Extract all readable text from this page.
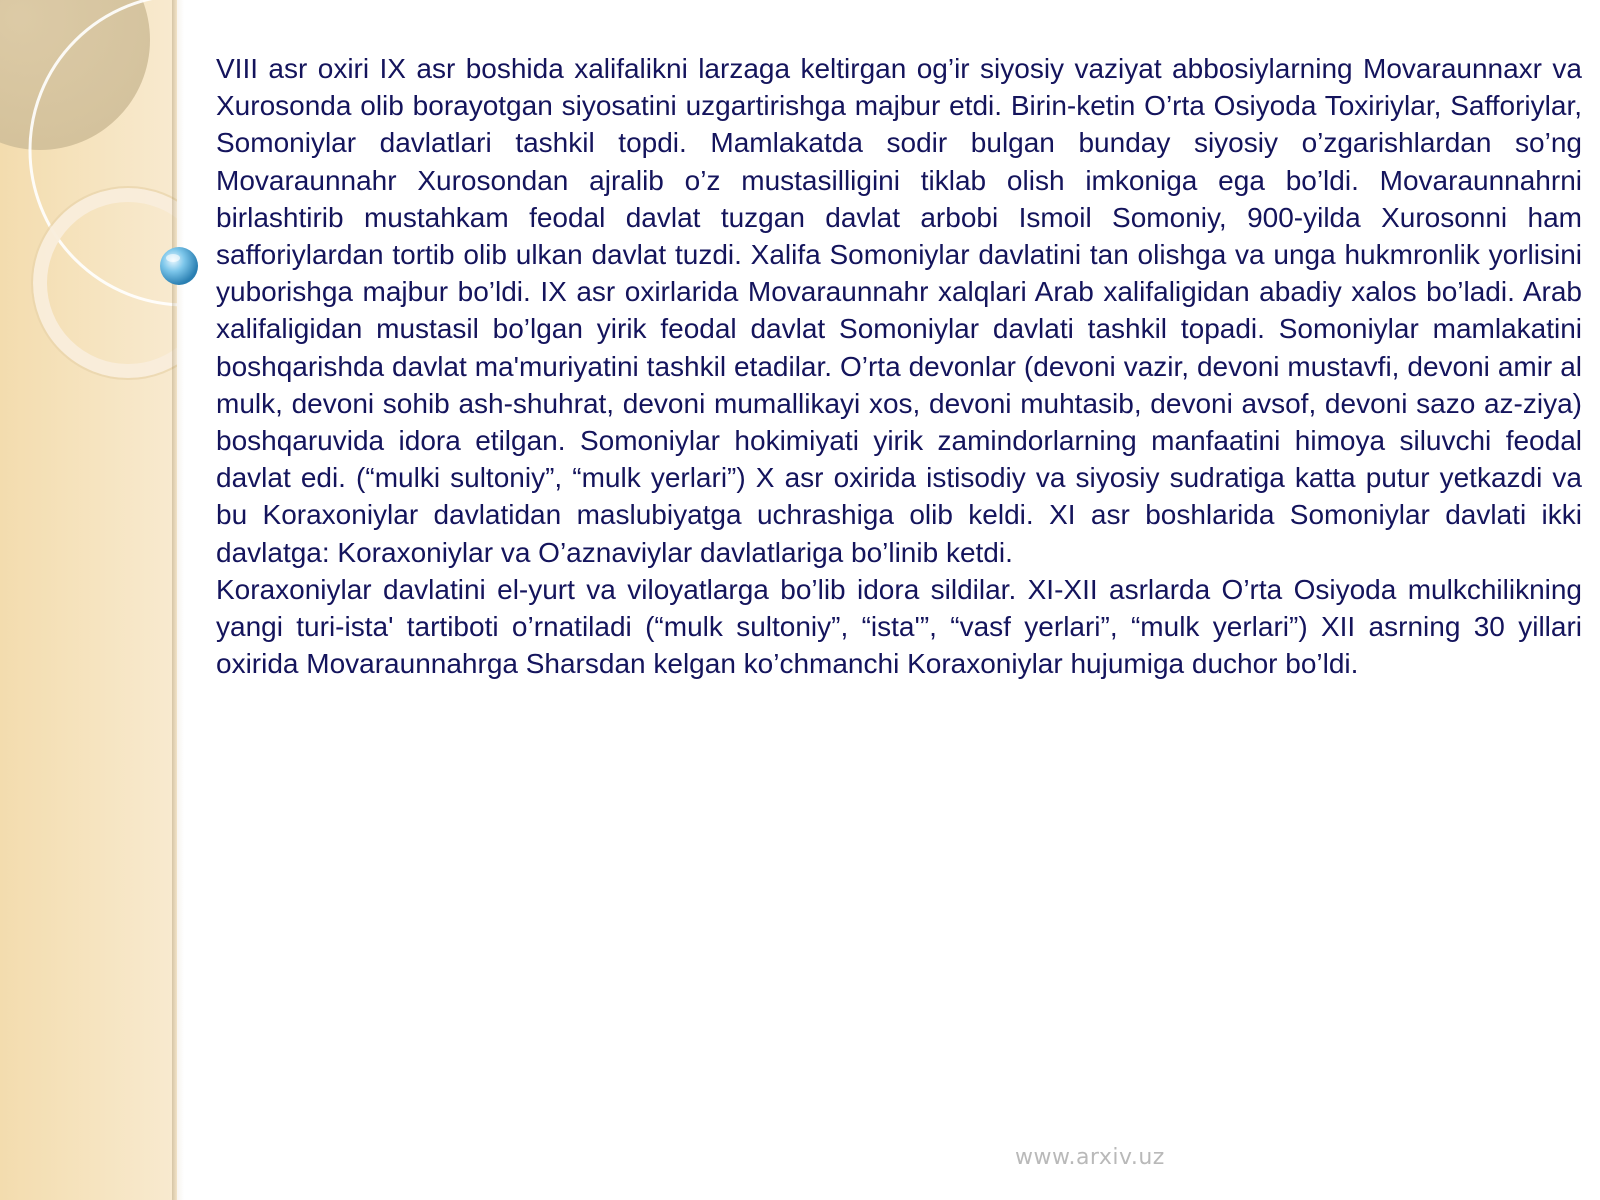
VIII asr oxiri IX asr boshida xalifalikni larzaga keltirgan og’ir siyosiy vaziyat abbosiylarning Movaraunnaxr va Xurosonda olib borayotgan siyosatini uzgartirishga majbur etdi. Birin-ketin O’rta Osiyoda Toxiriylar, Safforiylar, Somoniylar davlatlari tashkil topdi. Mamlakatda sodir bulgan bunday siyosiy o’zgarishlardan so’ng Movaraunnahr Xurosondan ajralib o’z mustasilligini tiklab olish imkoniga ega bo’ldi. Movaraunnahrni birlashtirib mustahkam feodal davlat tuzgan davlat arbobi Ismoil Somoniy, 900-yilda Xurosonni ham safforiylardan tortib olib ulkan davlat tuzdi. Xalifa Somoniylar davlatini tan olishga va unga hukmronlik yorlisini yuborishga majbur bo’ldi. IX asr oxirlarida Movaraunnahr xalqlari Arab xalifaligidan abadiy xalos bo’ladi. Arab xalifaligidan mustasil bo’lgan yirik feodal davlat Somoniylar davlati tashkil topadi. Somoniylar mamlakatini boshqarishda davlat ma'muriyatini tashkil etadilar. O’rta devonlar (devoni vazir, devoni mustavfi, devoni amir al mulk, devoni sohib ash-shuhrat, devoni mumallikayi xos, devoni muhtasib, devoni avsof, devoni sazo az-ziya) boshqaruvida idora etilgan. Somoniylar hokimiyati yirik zamindorlarning manfaatini himoya siluvchi feodal davlat edi. (“mulki sultoniy”, “mulk yerlari”) X asr oxirida istisodiy va siyosiy sudratiga katta putur yetkazdi va bu Koraxoniylar davlatidan maslubiyatga uchrashiga olib keldi. XI asr boshlarida Somoniylar davlati ikki davlatga: Koraxoniylar va O’aznaviylar davlatlariga bo’linib ketdi.

Koraxoniylar davlatini el-yurt va viloyatlarga bo’lib idora sildilar. XI-XII asrlarda O’rta Osiyoda mulkchilikning yangi turi-ista' tartiboti o’rnatiladi (“mulk sultoniy”, “ista'”, “vasf yerlari”, “mulk yerlari”) XII asrning 30 yillari oxirida Movaraunnahrga Sharsdan kelgan ko’chmanchi Koraxoniylar hujumiga duchor bo’ldi.

www.arxiv.uz
